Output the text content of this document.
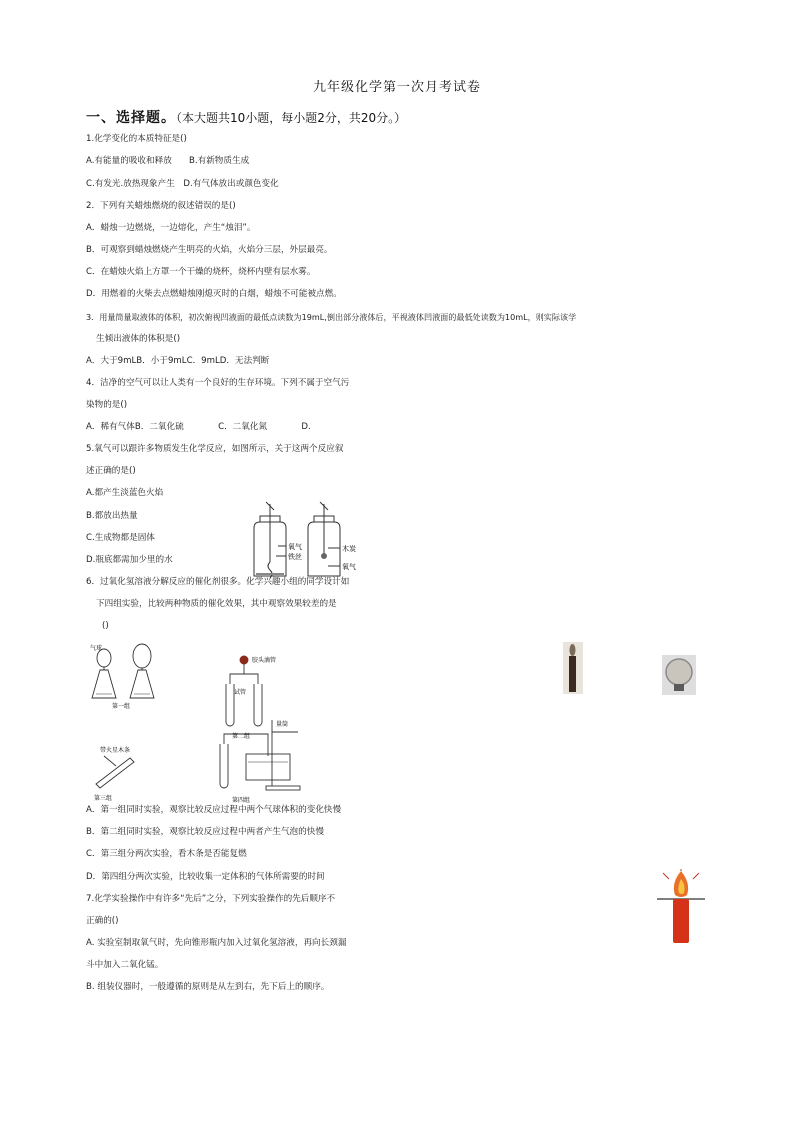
九年级化学第一次月考试卷
一、选择题。（本大题共10小题，每小题2分，共20分。）
1.化学变化的本质特征是()
A.有能量的吸收和释放　　B.有新物质生成
C.有发光.放热现象产生　D.有气体放出或颜色变化
2．下列有关蜡烛燃烧的叙述错误的是()
A．蜡烛一边燃烧，一边熔化，产生“烛泪”。
B．可观察到蜡烛燃烧产生明亮的火焰，火焰分三层，外层最亮。
C．在蜡烛火焰上方罩一个干燥的烧杯，烧杯内壁有层水雾。
D．用燃着的火柴去点燃蜡烛刚熄灭时的白烟，蜡烛不可能被点燃。
3．用量筒量取液体的体积，初次俯视凹液面的最低点读数为19mL,倒出部分液体后，平视液体凹液面的最低处读数为10mL，则实际该学
生倾出液体的体积是()
A．大于9mLB．小于9mLC．9mLD．无法判断
4．洁净的空气可以让人类有一个良好的生存环境。下列不属于空气污
染物的是()
A．稀有气体B．二氧化硫　　　　C．二氧化氮　　　　D.
5.氧气可以跟许多物质发生化学反应，如图所示，关于这两个反应叙
述正确的是()
A.都产生淡蓝色火焰
B.都放出热量
C.生成物都是固体
D.瓶底都需加少里的水
6．过氧化氢溶液分解反应的催化剂很多。化学兴趣小组的同学设计如
下四组实验，比较两种物质的催化效果，其中观察效果较差的是
()
A．第一组同时实验，观察比较反应过程中两个气球体积的变化快慢
B．第二组同时实验，观察比较反应过程中两者产生气泡的快慢
C．第三组分两次实验，看木条是否能复燃
D．第四组分两次实验，比较收集一定体积的气体所需要的时间
7.化学实验操作中有许多“先后”之分，下列实验操作的先后顺序不
正确的()
A. 实验室制取氧气时，先向锥形瓶内加入过氧化氢溶液，再向长颈漏
斗中加入二氧化锰。
B. 组装仪器时，一般遵循的原则是从左到右，先下后上的顺序。
氧气
铁丝
木炭
氧气
气球
第一组
胶头滴管
试管
第二组
带火星木条
第三组
量筒
第四组
